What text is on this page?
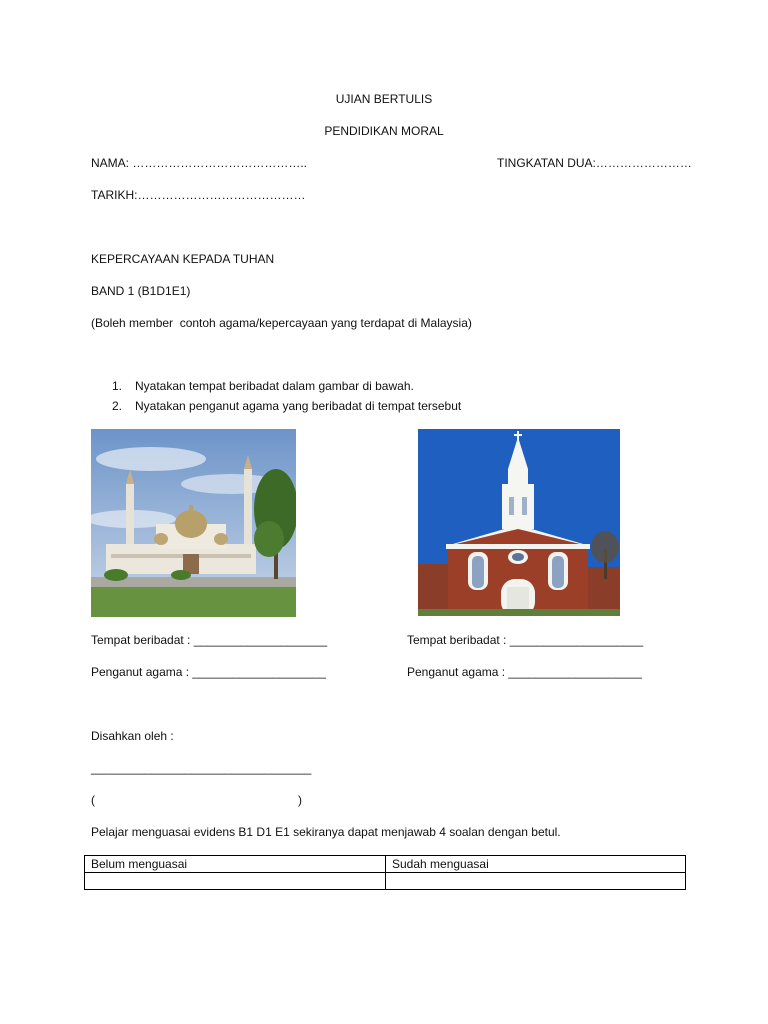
UJIAN BERTULIS
PENDIDIKAN MORAL
NAMA: ……………………………………..	TINGKATAN DUA:……………………
TARIKH:……………………………………
KEPERCAYAAN KEPADA TUHAN
BAND 1 (B1D1E1)
(Boleh member  contoh agama/kepercayaan yang terdapat di Malaysia)
1. Nyatakan tempat beribadat dalam gambar di bawah.
2. Nyatakan penganut agama yang beribadat di tempat tersebut
Tempat beribadat : ____________________
Penganut agama : ____________________
Tempat beribadat : ____________________
Penganut agama : ____________________
Disahkan oleh :
_________________________________
(	)
Pelajar menguasai evidens B1 D1 E1 sekiranya dapat menjawab 4 soalan dengan betul.
Belum menguasai	Sudah menguasai
